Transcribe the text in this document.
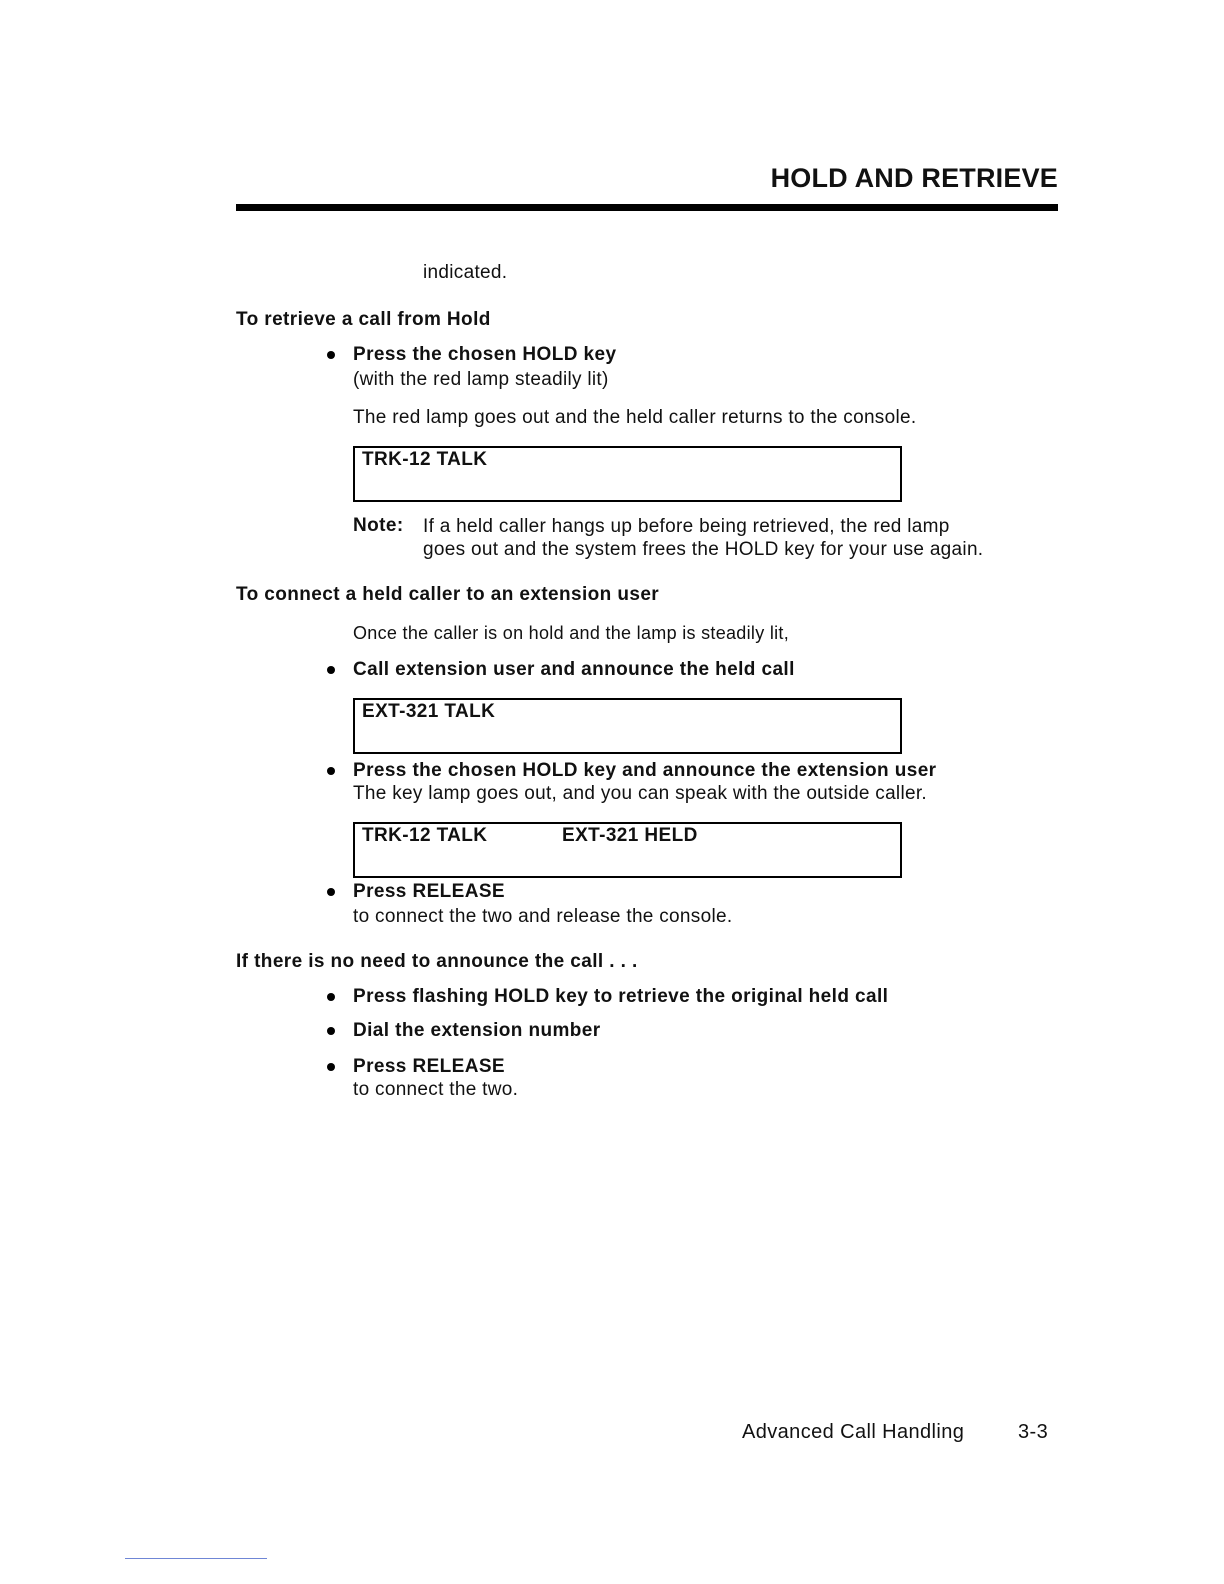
HOLD AND RETRIEVE
indicated.
To retrieve a call from Hold
Press the chosen HOLD key
(with the red lamp steadily lit)
The red lamp goes out and the held caller returns to the console.
TRK-12 TALK
Note: If a held caller hangs up before being retrieved, the red lamp
goes out and the system frees the HOLD key for your use again.
To connect a held caller to an extension user
Once the caller is on hold and the lamp is steadily lit,
Call extension user and announce the held call
EXT-321 TALK
Press the chosen HOLD key and announce the extension user
The key lamp goes out, and you can speak with the outside caller.
TRK-12 TALK	EXT-321 HELD
Press RELEASE
to connect the two and release the console.
If there is no need to announce the call . . .
Press flashing HOLD key to retrieve the original held call
Dial the extension number
Press RELEASE
to connect the two.
Advanced Call Handling	3-3
